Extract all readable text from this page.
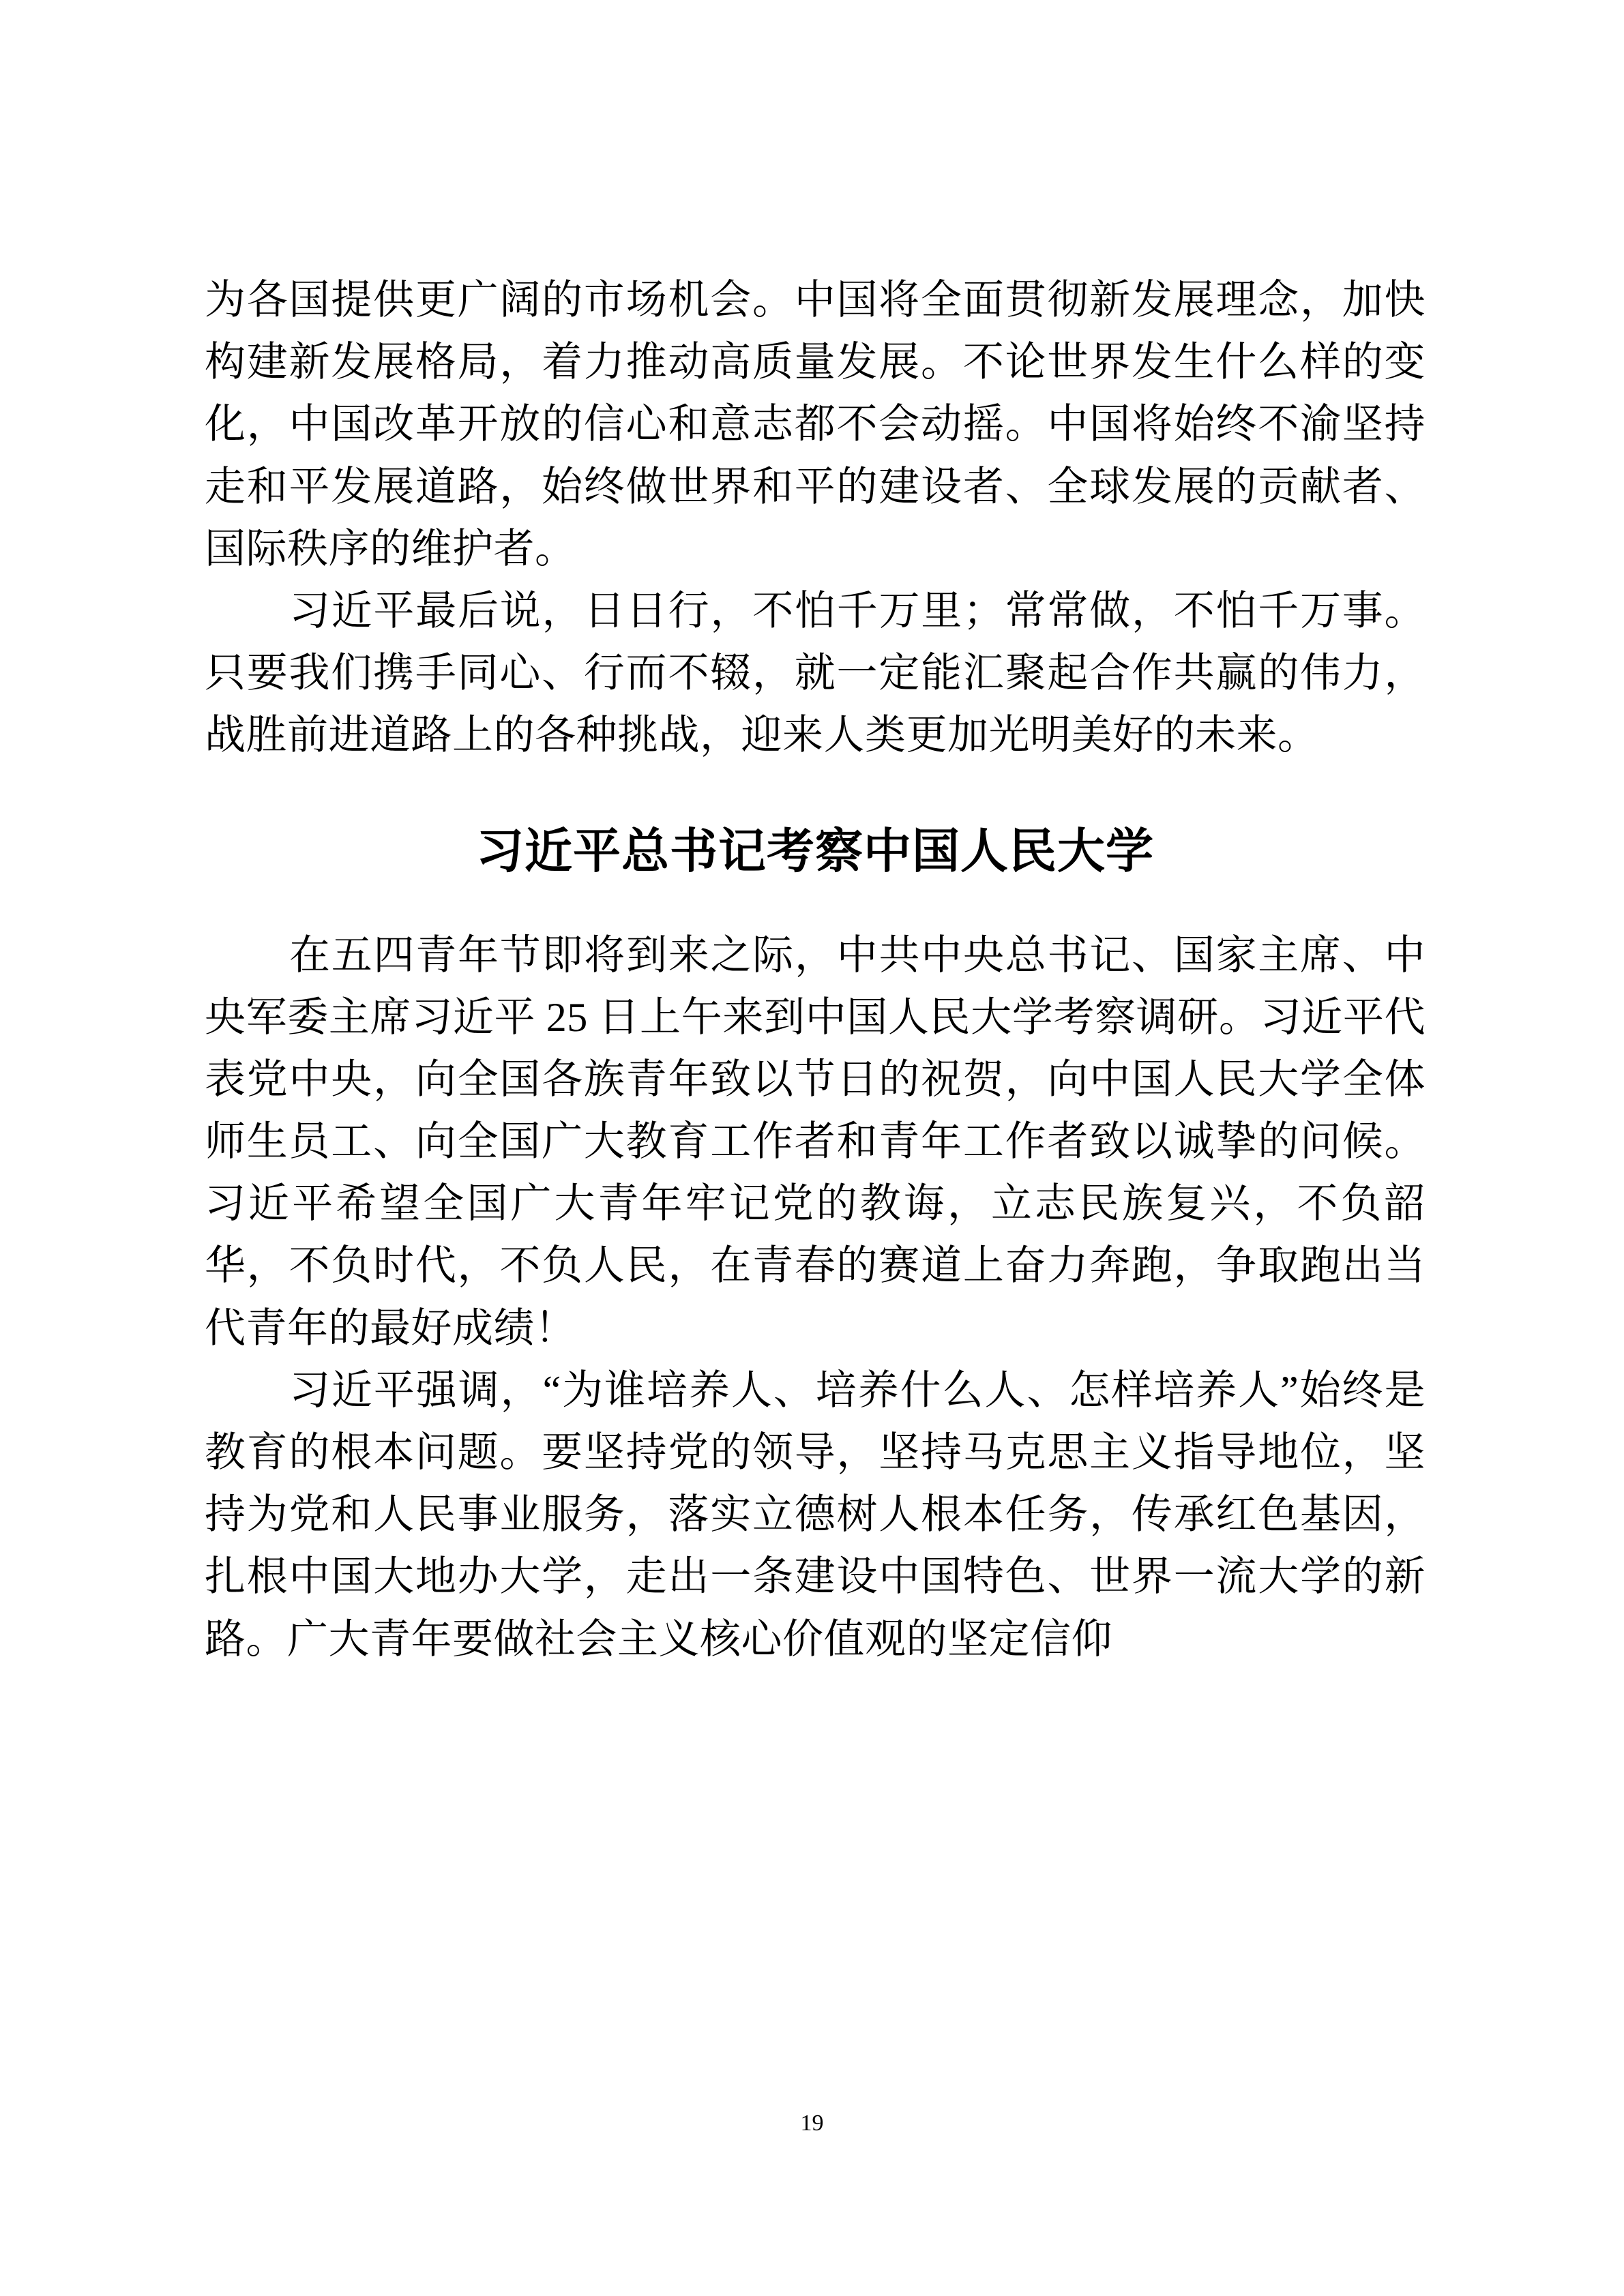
为各国提供更广阔的市场机会。中国将全面贯彻新发展理念，加快构建新发展格局，着力推动高质量发展。不论世界发生什么样的变化，中国改革开放的信心和意志都不会动摇。中国将始终不渝坚持走和平发展道路，始终做世界和平的建设者、全球发展的贡献者、国际秩序的维护者。

习近平最后说，日日行，不怕千万里；常常做，不怕千万事。只要我们携手同心、行而不辍，就一定能汇聚起合作共赢的伟力，战胜前进道路上的各种挑战，迎来人类更加光明美好的未来。

习近平总书记考察中国人民大学

在五四青年节即将到来之际，中共中央总书记、国家主席、中央军委主席习近平 25 日上午来到中国人民大学考察调研。习近平代表党中央，向全国各族青年致以节日的祝贺，向中国人民大学全体师生员工、向全国广大教育工作者和青年工作者致以诚挚的问候。习近平希望全国广大青年牢记党的教诲，立志民族复兴，不负韶华，不负时代，不负人民，在青春的赛道上奋力奔跑，争取跑出当代青年的最好成绩！

习近平强调，“为谁培养人、培养什么人、怎样培养人”始终是教育的根本问题。要坚持党的领导，坚持马克思主义指导地位，坚持为党和人民事业服务，落实立德树人根本任务，传承红色基因，扎根中国大地办大学，走出一条建设中国特色、世界一流大学的新路。广大青年要做社会主义核心价值观的坚定信仰

19
